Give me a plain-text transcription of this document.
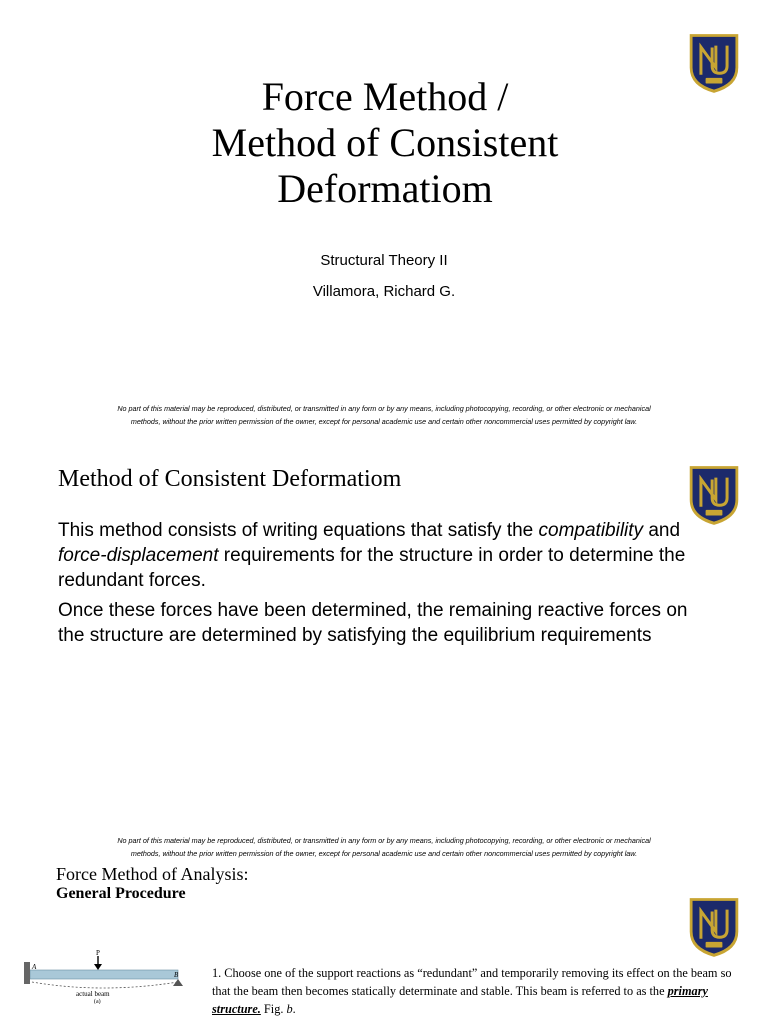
Force Method /
Method of Consistent
Deformatiom
Structural Theory II
Villamora, Richard G.
No part of this material may be reproduced, distributed, or transmitted in any form or by any means, including photocopying, recording, or other electronic or mechanical
methods, without the prior written permission of the owner, except for personal academic use and certain other noncommercial uses permitted by copyright law.
Method of Consistent Deformatiom
This method consists of writing equations that satisfy the compatibility and force-displacement requirements for the structure in order to determine the redundant forces.
Once these forces have been determined, the remaining reactive forces on the structure are determined by satisfying the equilibrium requirements
No part of this material may be reproduced, distributed, or transmitted in any form or by any means, including photocopying, recording, or other electronic or mechanical
methods, without the prior written permission of the owner, except for personal academic use and certain other noncommercial uses permitted by copyright law.
Force Method of Analysis:
General Procedure
P
A
B
actual beam
(a)
1. Choose one of the support reactions as “redundant” and temporarily removing its effect on the beam so that the beam then becomes statically determinate and stable. This beam is referred to as the primary structure. Fig. b.
